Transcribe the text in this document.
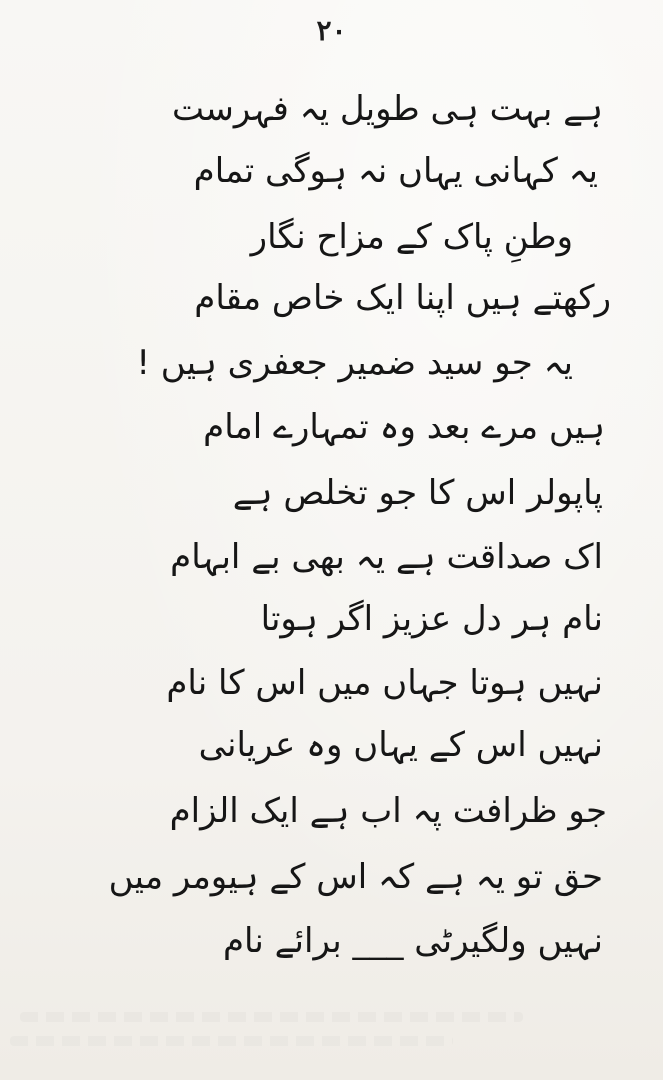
۲۰
ہے بہت ہی طویل یہ فہرست
یہ کہانی یہاں نہ ہوگی تمام
وطنِ پاک کے مزاح نگار
رکھتے ہیں اپنا ایک خاص مقام
یہ جو سید ضمیر جعفری ہیں !
ہیں مرے بعد وہ تمہارے امام
پاپولر اس کا جو تخلص ہے
اک صداقت ہے یہ بھی بے ابہام
نام ہر دل عزیز اگر ہوتا
نہیں ہوتا جہاں میں اس کا نام
نہیں اس کے یہاں وہ عریانی
جو ظرافت پہ اب ہے ایک الزام
حق تو یہ ہے کہ اس کے ہیومر میں
نہیں ولگیرٹی ___ برائے نام
